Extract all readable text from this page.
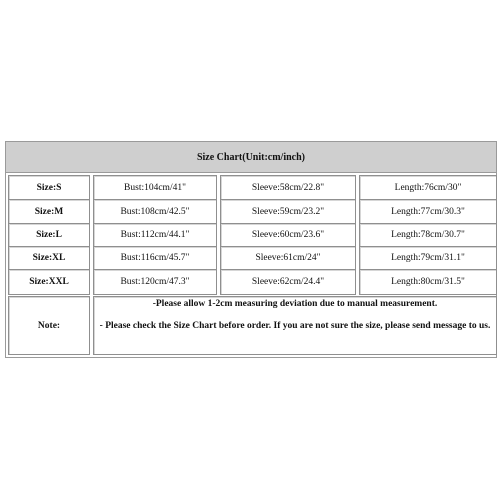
Size Chart(Unit:cm/inch)
Size:S	Bust:104cm/41"	Sleeve:58cm/22.8"	Length:76cm/30"
Size:M	Bust:108cm/42.5"	Sleeve:59cm/23.2"	Length:77cm/30.3"
Size:L	Bust:112cm/44.1"	Sleeve:60cm/23.6"	Length:78cm/30.7"
Size:XL	Bust:116cm/45.7"	Sleeve:61cm/24"	Length:79cm/31.1"
Size:XXL	Bust:120cm/47.3"	Sleeve:62cm/24.4"	Length:80cm/31.5"
Note:
-Please allow 1-2cm measuring deviation due to manual measurement.
- Please check the Size Chart before order. If you are not sure the size, please send message to us.
